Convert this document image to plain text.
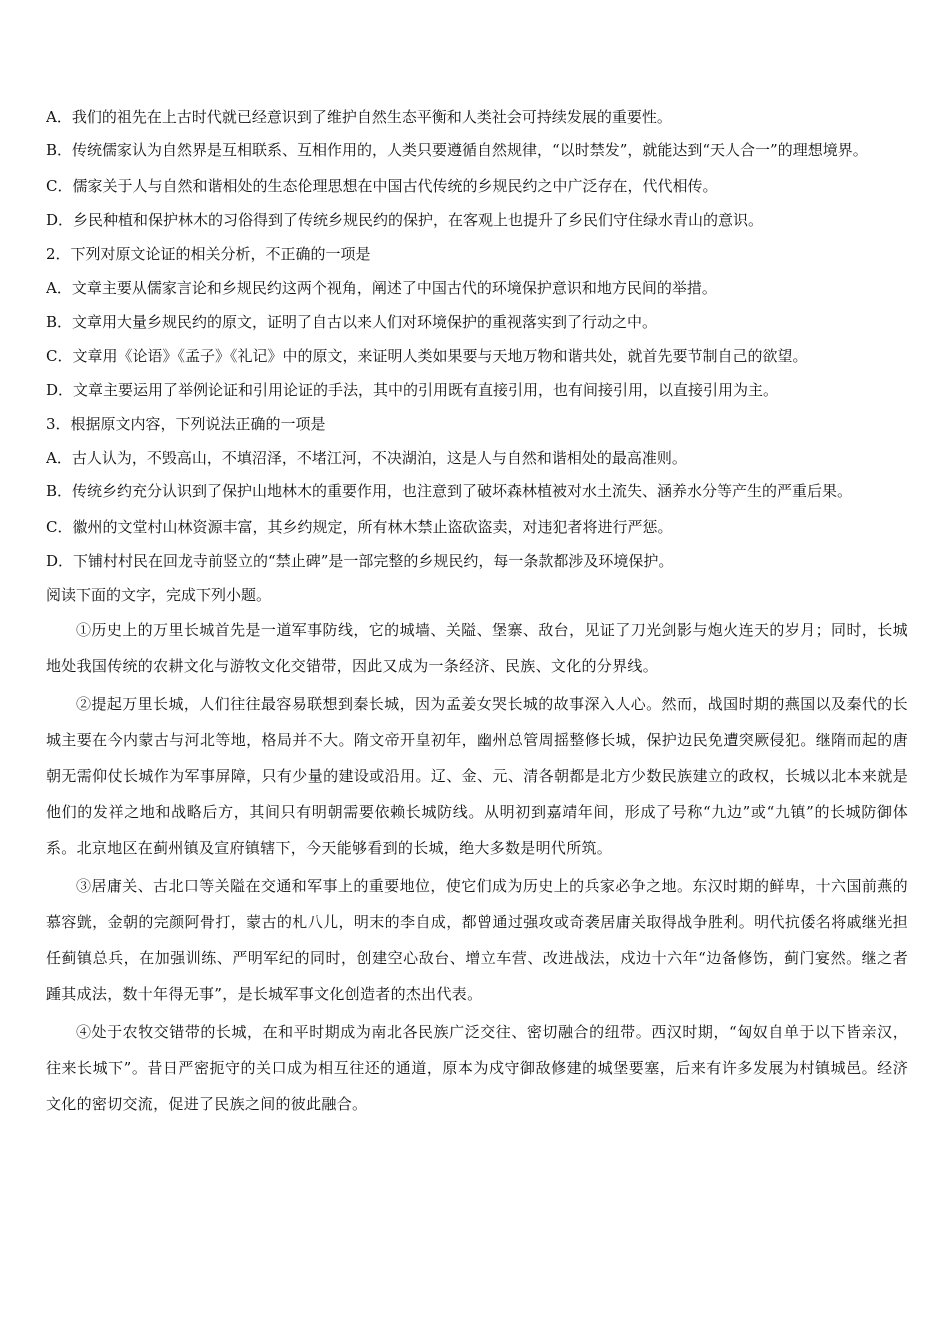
A．我们的祖先在上古时代就已经意识到了维护自然生态平衡和人类社会可持续发展的重要性。
B．传统儒家认为自然界是互相联系、互相作用的，人类只要遵循自然规律，“以时禁发”，就能达到“天人合一”的理想境界。
C．儒家关于人与自然和谐相处的生态伦理思想在中国古代传统的乡规民约之中广泛存在，代代相传。
D．乡民种植和保护林木的习俗得到了传统乡规民约的保护，在客观上也提升了乡民们守住绿水青山的意识。
2．下列对原文论证的相关分析，不正确的一项是
A．文章主要从儒家言论和乡规民约这两个视角，阐述了中国古代的环境保护意识和地方民间的举措。
B．文章用大量乡规民约的原文，证明了自古以来人们对环境保护的重视落实到了行动之中。
C．文章用《论语》《孟子》《礼记》中的原文，来证明人类如果要与天地万物和谐共处，就首先要节制自己的欲望。
D．文章主要运用了举例论证和引用论证的手法，其中的引用既有直接引用，也有间接引用，以直接引用为主。
3．根据原文内容，下列说法正确的一项是
A．古人认为，不毁高山，不填沼泽，不堵江河，不决湖泊，这是人与自然和谐相处的最高准则。
B．传统乡约充分认识到了保护山地林木的重要作用，也注意到了破坏森林植被对水土流失、涵养水分等产生的严重后果。
C．徽州的文堂村山林资源丰富，其乡约规定，所有林木禁止盗砍盗卖，对违犯者将进行严惩。
D．下铺村村民在回龙寺前竖立的“禁止碑”是一部完整的乡规民约，每一条款都涉及环境保护。
阅读下面的文字，完成下列小题。
①历史上的万里长城首先是一道军事防线，它的城墙、关隘、堡寨、敌台，见证了刀光剑影与炮火连天的岁月；同时，长城地处我国传统的农耕文化与游牧文化交错带，因此又成为一条经济、民族、文化的分界线。
②提起万里长城，人们往往最容易联想到秦长城，因为孟姜女哭长城的故事深入人心。然而，战国时期的燕国以及秦代的长城主要在今内蒙古与河北等地，格局并不大。隋文帝开皇初年，幽州总管周摇整修长城，保护边民免遭突厥侵犯。继隋而起的唐朝无需仰仗长城作为军事屏障，只有少量的建设或沿用。辽、金、元、清各朝都是北方少数民族建立的政权，长城以北本来就是他们的发祥之地和战略后方，其间只有明朝需要依赖长城防线。从明初到嘉靖年间，形成了号称“九边”或“九镇”的长城防御体系。北京地区在蓟州镇及宣府镇辖下，今天能够看到的长城，绝大多数是明代所筑。
③居庸关、古北口等关隘在交通和军事上的重要地位，使它们成为历史上的兵家必争之地。东汉时期的鲜卑，十六国前燕的慕容皝，金朝的完颜阿骨打，蒙古的札八儿，明末的李自成，都曾通过强攻或奇袭居庸关取得战争胜利。明代抗倭名将戚继光担任蓟镇总兵，在加强训练、严明军纪的同时，创建空心敌台、增立车营、改进战法，戍边十六年“边备修饬，蓟门宴然。继之者踵其成法，数十年得无事”，是长城军事文化创造者的杰出代表。
④处于农牧交错带的长城，在和平时期成为南北各民族广泛交往、密切融合的纽带。西汉时期，“匈奴自单于以下皆亲汉，往来长城下”。昔日严密扼守的关口成为相互往还的通道，原本为戍守御敌修建的城堡要塞，后来有许多发展为村镇城邑。经济文化的密切交流，促进了民族之间的彼此融合。
